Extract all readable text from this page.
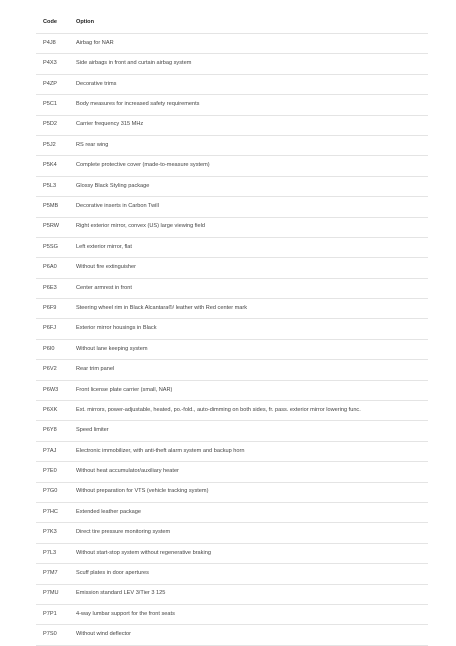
Code	Option
P4J8	Airbag for NAR
P4X3	Side airbags in front and curtain airbag system
P4ZP	Decorative trims
P5C1	Body measures for increased safety requirements
P5D2	Carrier frequency 315 MHz
P5J2	RS rear wing
P5K4	Complete protective cover (made-to-measure system)
P5L3	Glossy Black Styling package
P5MB	Decorative inserts in Carbon Twill
P5RW	Right exterior mirror, convex (US) large viewing field
P5SG	Left exterior mirror, flat
P6A0	Without fire extinguisher
P6E3	Center armrest in front
P6F9	Steering wheel rim in Black Alcantara®/ leather with Red center mark
P6FJ	Exterior mirror housings in Black
P6I0	Without lane keeping system
P6V2	Rear trim panel
P6W3	Front license plate carrier (small, NAR)
P6XK	Ext. mirrors, power-adjustable, heated, po.-fold., auto-dimming on both sides, fr. pass. exterior mirror lowering func.
P6Y8	Speed limiter
P7AJ	Electronic immobilizer, with anti-theft alarm system and backup horn
P7E0	Without heat accumulator/auxiliary heater
P7G0	Without preparation for VTS (vehicle tracking system)
P7HC	Extended leather package
P7K3	Direct tire pressure monitoring system
P7L3	Without start-stop system without regenerative braking
P7M7	Scuff plates in door apertures
P7MU	Emission standard LEV 3/Tier 3 125
P7P1	4-way lumbar support for the front seats
P7S0	Without wind deflector
